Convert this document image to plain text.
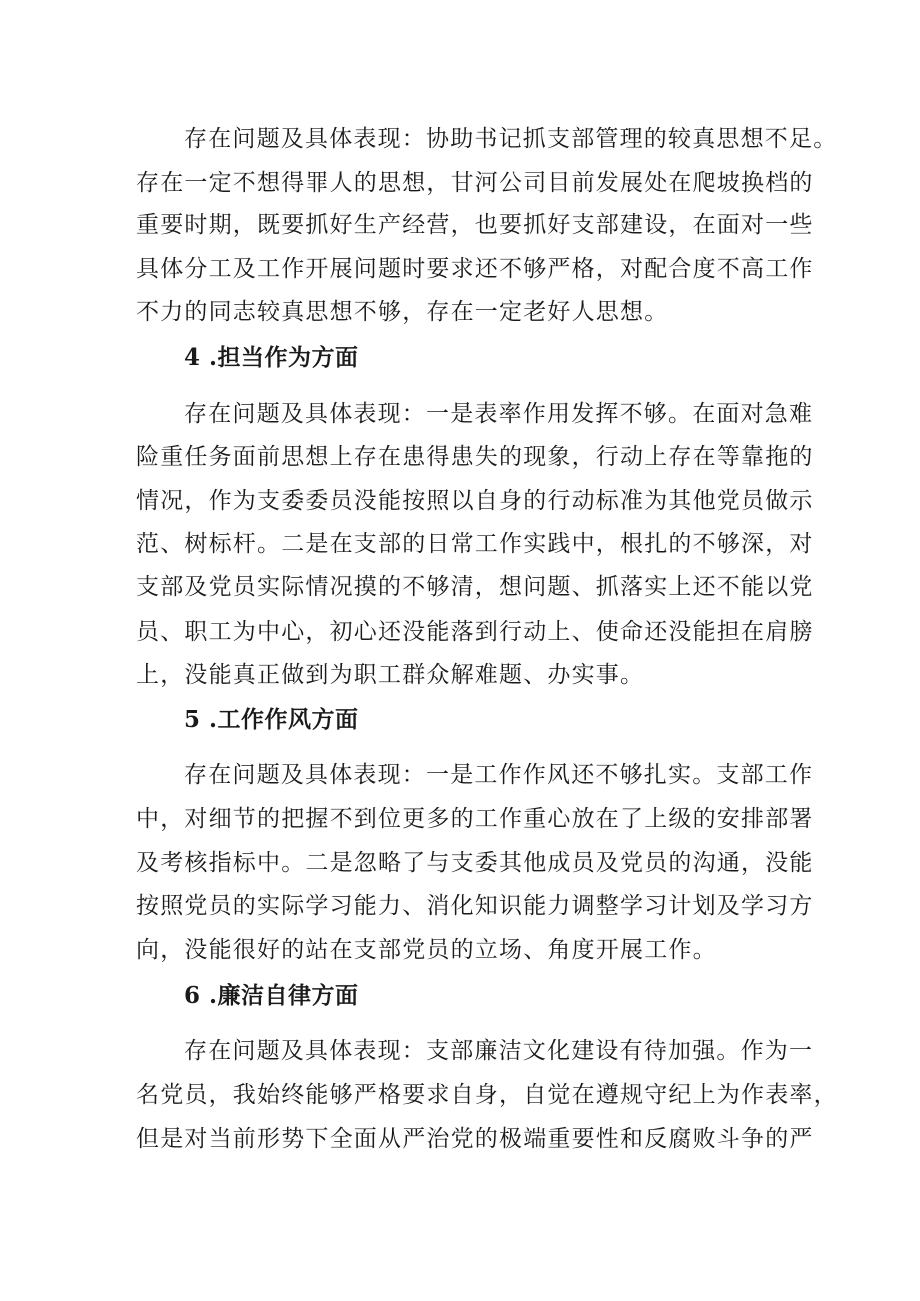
存在问题及具体表现：协助书记抓支部管理的较真思想不足。
存在一定不想得罪人的思想，甘河公司目前发展处在爬坡换档的
重要时期，既要抓好生产经营，也要抓好支部建设，在面对一些
具体分工及工作开展问题时要求还不够严格，对配合度不高工作
不力的同志较真思想不够，存在一定老好人思想。
4 .担当作为方面
存在问题及具体表现：一是表率作用发挥不够。在面对急难
险重任务面前思想上存在患得患失的现象，行动上存在等靠拖的
情况，作为支委委员没能按照以自身的行动标准为其他党员做示
范、树标杆。二是在支部的日常工作实践中，根扎的不够深，对
支部及党员实际情况摸的不够清，想问题、抓落实上还不能以党
员、职工为中心，初心还没能落到行动上、使命还没能担在肩膀
上，没能真正做到为职工群众解难题、办实事。
5 .工作作风方面
存在问题及具体表现：一是工作作风还不够扎实。支部工作
中，对细节的把握不到位更多的工作重心放在了上级的安排部署
及考核指标中。二是忽略了与支委其他成员及党员的沟通，没能
按照党员的实际学习能力、消化知识能力调整学习计划及学习方
向，没能很好的站在支部党员的立场、角度开展工作。
6 .廉洁自律方面
存在问题及具体表现：支部廉洁文化建设有待加强。作为一
名党员，我始终能够严格要求自身，自觉在遵规守纪上为作表率，
但是对当前形势下全面从严治党的极端重要性和反腐败斗争的严
